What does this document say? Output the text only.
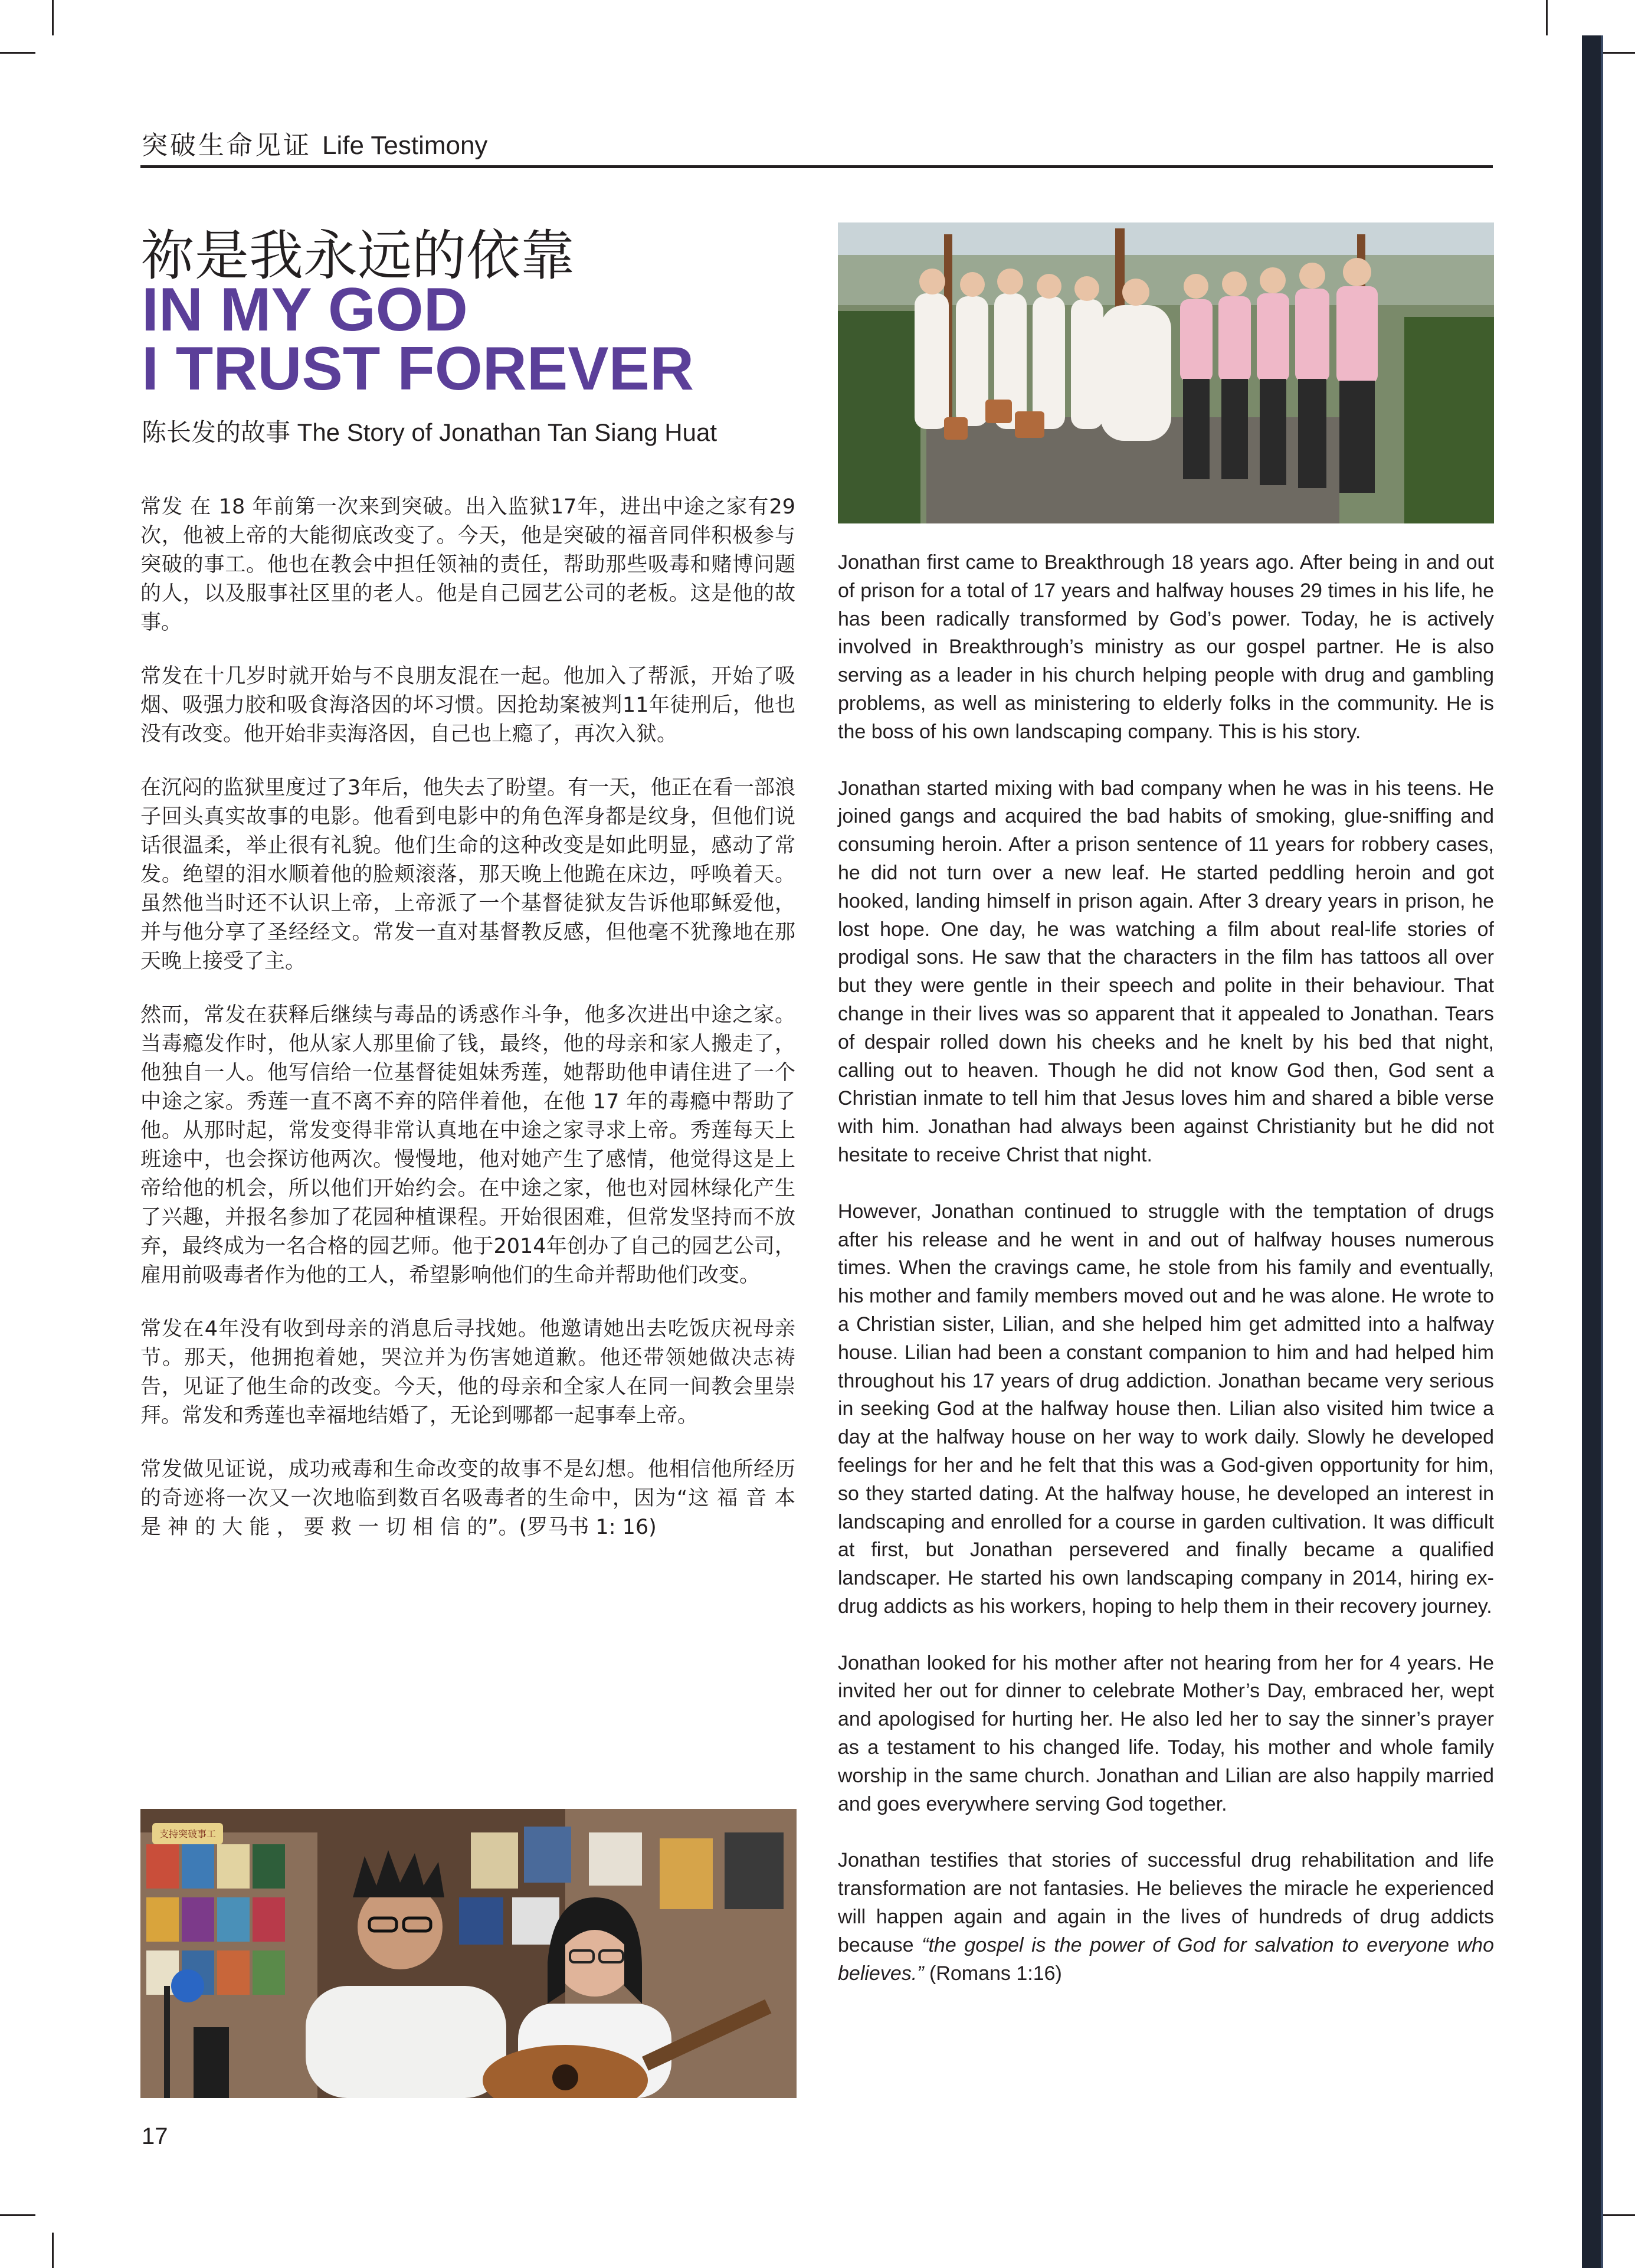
突破生命见证 Life Testimony
祢是我永远的依靠
IN MY GOD
I TRUST FOREVER
陈长发的故事 The Story of Jonathan Tan Siang Huat

常发 在 18 年前第一次来到突破。出入监狱17年，进出中途之家有29次，他被上帝的大能彻底改变了。今天，他是突破的福音同伴积极参与突破的事工。他也在教会中担任领袖的责任，帮助那些吸毒和赌博问题的人，以及服事社区里的老人。他是自己园艺公司的老板。这是他的故事。

常发在十几岁时就开始与不良朋友混在一起。他加入了帮派，开始了吸烟、吸强力胶和吸食海洛因的坏习惯。因抢劫案被判11年徒刑后，他也没有改变。他开始非卖海洛因，自己也上瘾了，再次入狱。

在沉闷的监狱里度过了3年后，他失去了盼望。有一天，他正在看一部浪子回头真实故事的电影。他看到电影中的角色浑身都是纹身，但他们说话很温柔，举止很有礼貌。他们生命的这种改变是如此明显，感动了常发。绝望的泪水顺着他的脸颊滚落，那天晚上他跪在床边，呼唤着天。虽然他当时还不认识上帝，上帝派了一个基督徒狱友告诉他耶稣爱他，并与他分享了圣经经文。常发一直对基督教反感，但他毫不犹豫地在那天晚上接受了主。

然而，常发在获释后继续与毒品的诱惑作斗争，他多次进出中途之家。当毒瘾发作时，他从家人那里偷了钱，最终，他的母亲和家人搬走了，他独自一人。他写信给一位基督徒姐妹秀莲，她帮助他申请住进了一个中途之家。秀莲一直不离不弃的陪伴着他，在他 17 年的毒瘾中帮助了他。从那时起，常发变得非常认真地在中途之家寻求上帝。秀莲每天上班途中，也会探访他两次。慢慢地，他对她产生了感情，他觉得这是上帝给他的机会，所以他们开始约会。在中途之家，他也对园林绿化产生了兴趣，并报名参加了花园种植课程。开始很困难，但常发坚持而不放弃，最终成为一名合格的园艺师。他于2014年创办了自己的园艺公司，雇用前吸毒者作为他的工人，希望影响他们的生命并帮助他们改变。

常发在4年没有收到母亲的消息后寻找她。他邀请她出去吃饭庆祝母亲节。那天，他拥抱着她，哭泣并为伤害她道歉。他还带领她做决志祷告，见证了他生命的改变。今天，他的母亲和全家人在同一间教会里崇拜。常发和秀莲也幸福地结婚了，无论到哪都一起事奉上帝。

常发做见证说，成功戒毒和生命改变的故事不是幻想。他相信他所经历的奇迹将一次又一次地临到数百名吸毒者的生命中，因为“这 福 音 本 是 神 的 大 能 ， 要 救 一 切 相 信 的”。(罗马书 1: 16)

Jonathan first came to Breakthrough 18 years ago. After being in and out of prison for a total of 17 years and halfway houses 29 times in his life, he has been radically transformed by God’s power. Today, he is actively involved in Breakthrough’s ministry as our gospel partner. He is also serving as a leader in his church helping people with drug and gambling problems, as well as ministering to elderly folks in the community. He is the boss of his own landscaping company. This is his story.

Jonathan started mixing with bad company when he was in his teens. He joined gangs and acquired the bad habits of smoking, glue-sniffing and consuming heroin. After a prison sentence of 11 years for robbery cases, he did not turn over a new leaf. He started peddling heroin and got hooked, landing himself in prison again. After 3 dreary years in prison, he lost hope. One day, he was watching a film about real-life stories of prodigal sons. He saw that the characters in the film has tattoos all over but they were gentle in their speech and polite in their behaviour. That change in their lives was so apparent that it appealed to Jonathan. Tears of despair rolled down his cheeks and he knelt by his bed that night, calling out to heaven. Though he did not know God then, God sent a Christian inmate to tell him that Jesus loves him and shared a bible verse with him. Jonathan had always been against Christianity but he did not hesitate to receive Christ that night.

However, Jonathan continued to struggle with the temptation of drugs after his release and he went in and out of halfway houses numerous times. When the cravings came, he stole from his family and eventually, his mother and family members moved out and he was alone. He wrote to a Christian sister, Lilian, and she helped him get admitted into a halfway house. Lilian had been a constant companion to him and had helped him throughout his 17 years of drug addiction. Jonathan became very serious in seeking God at the halfway house then. Lilian also visited him twice a day at the halfway house on her way to work daily. Slowly he developed feelings for her and he felt that this was a God-given opportunity for him, so they started dating. At the halfway house, he developed an interest in landscaping and enrolled for a course in garden cultivation. It was difficult at first, but Jonathan persevered and finally became a qualified landscaper. He started his own landscaping company in 2014, hiring ex-drug addicts as his workers, hoping to help them in their recovery journey.

Jonathan looked for his mother after not hearing from her for 4 years. He invited her out for dinner to celebrate Mother’s Day, embraced her, wept and apologised for hurting her. He also led her to say the sinner’s prayer as a testament to his changed life. Today, his mother and whole family worship in the same church. Jonathan and Lilian are also happily married and goes everywhere serving God together.

Jonathan testifies that stories of successful drug rehabilitation and life transformation are not fantasies. He believes the miracle he experienced will happen again and again in the lives of hundreds of drug addicts because “the gospel is the power of God for salvation to everyone who believes.” (Romans 1:16)

支持突破事工
17
